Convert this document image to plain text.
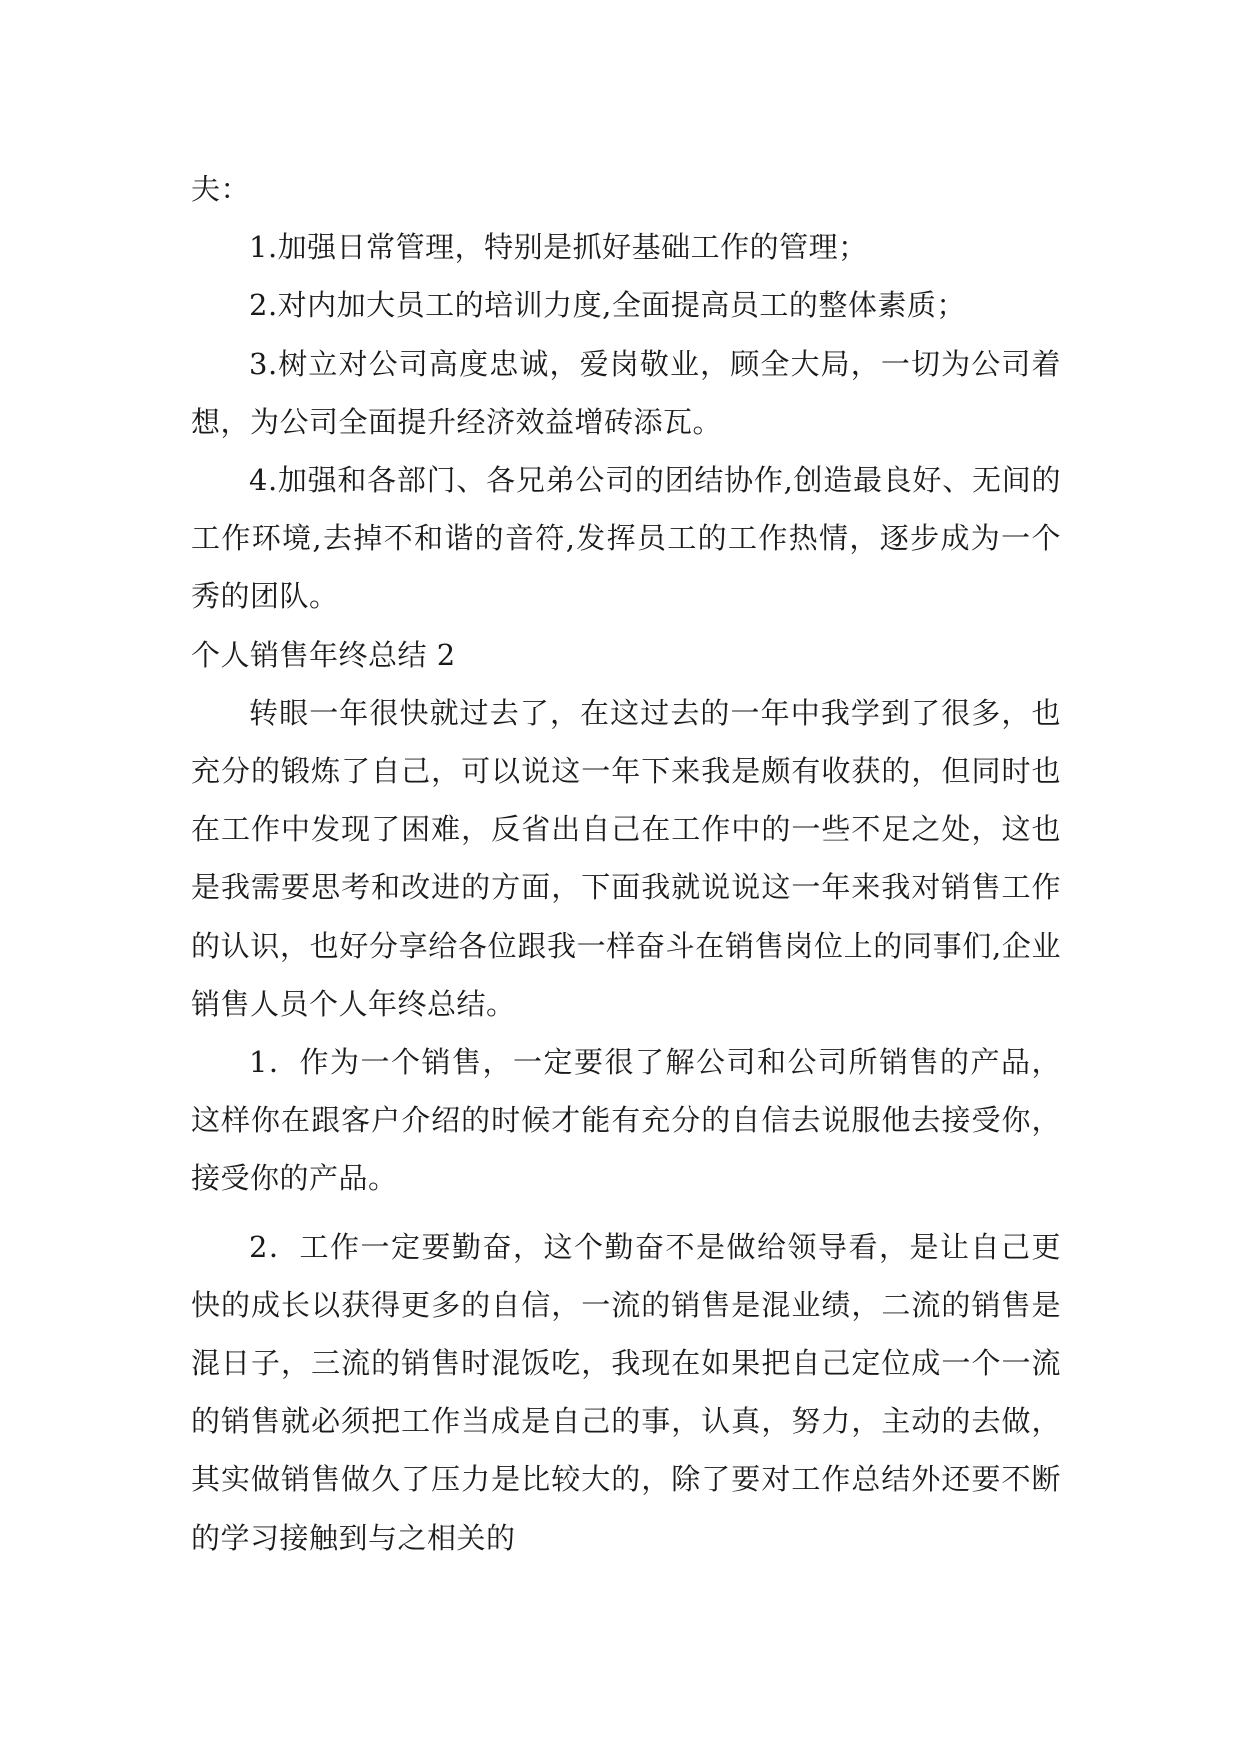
夫：

1.加强日常管理，特别是抓好基础工作的管理；

2.对内加大员工的培训力度,全面提高员工的整体素质；

3.树立对公司高度忠诚，爱岗敬业，顾全大局，一切为公司着想，为公司全面提升经济效益增砖添瓦。

4.加强和各部门、各兄弟公司的团结协作,创造最良好、无间的工作环境,去掉不和谐的音符,发挥员工的工作热情，逐步成为一个秀的团队。

个人销售年终总结 2

转眼一年很快就过去了，在这过去的一年中我学到了很多，也充分的锻炼了自己，可以说这一年下来我是颇有收获的，但同时也在工作中发现了困难，反省出自己在工作中的一些不足之处，这也是我需要思考和改进的方面，下面我就说说这一年来我对销售工作的认识，也好分享给各位跟我一样奋斗在销售岗位上的同事们,企业销售人员个人年终总结。

1．作为一个销售，一定要很了解公司和公司所销售的产品，这样你在跟客户介绍的时候才能有充分的自信去说服他去接受你，接受你的产品。

2．工作一定要勤奋，这个勤奋不是做给领导看，是让自己更快的成长以获得更多的自信，一流的销售是混业绩，二流的销售是混日子，三流的销售时混饭吃，我现在如果把自己定位成一个一流的销售就必须把工作当成是自己的事，认真，努力，主动的去做，其实做销售做久了压力是比较大的，除了要对工作总结外还要不断的学习接触到与之相关的
